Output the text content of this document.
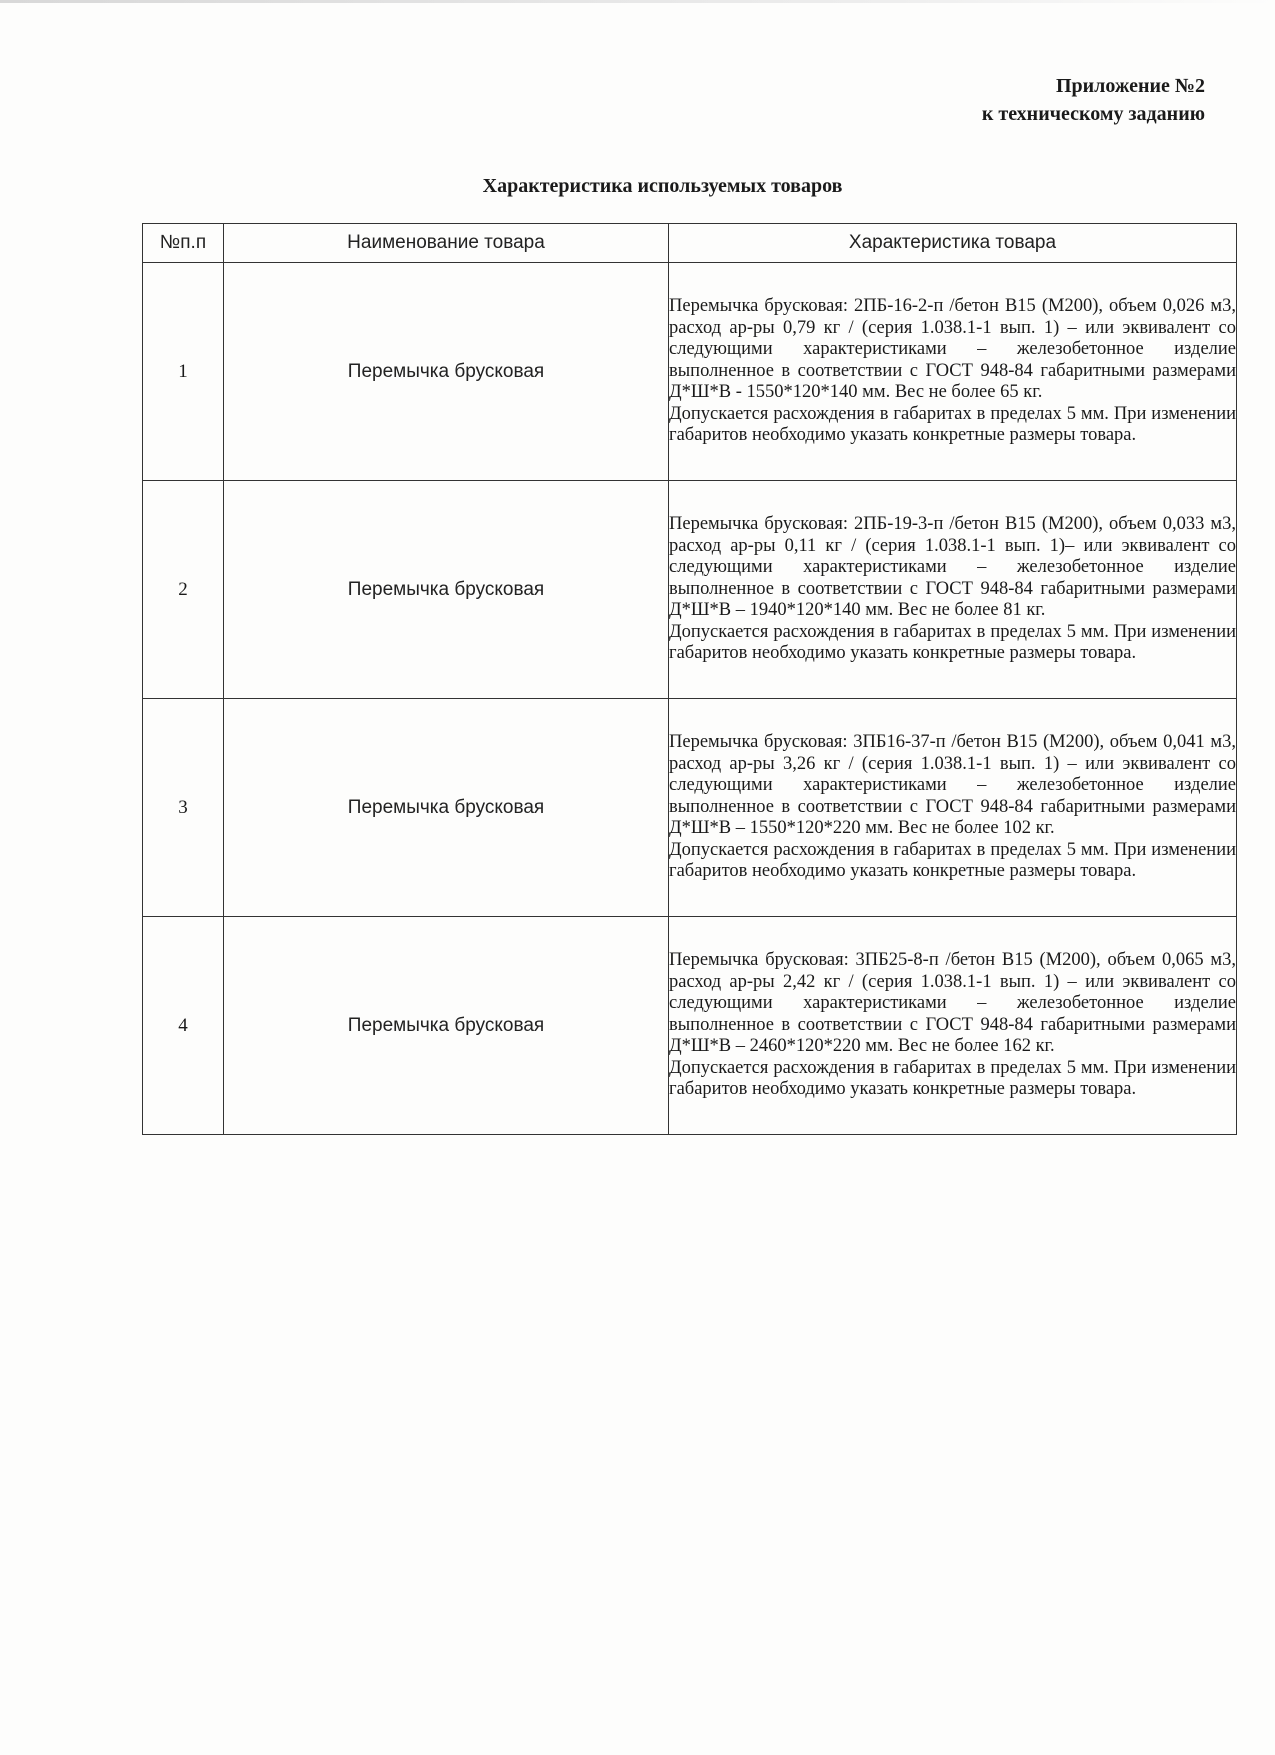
Приложение №2
к техническому заданию
Характеристика используемых товаров
№п.п	Наименование товара	Характеристика товара
1	Перемычка брусковая	Перемычка брусковая: 2ПБ-16-2-п /бетон В15 (М200), объем 0,026 м3, расход ар-ры 0,79 кг / (серия 1.038.1-1 вып. 1) – или эквивалент со следующими характеристиками – железобетонное изделие выполненное в соответствии с ГОСТ 948-84 габаритными размерами Д*Ш*В - 1550*120*140 мм. Вес не более 65 кг.
Допускается расхождения в габаритах в пределах 5 мм. При изменении габаритов необходимо указать конкретные размеры товара.

2	Перемычка брусковая	Перемычка брусковая: 2ПБ-19-3-п /бетон В15 (М200), объем 0,033 м3, расход ар-ры 0,11 кг / (серия 1.038.1-1 вып. 1)– или эквивалент со следующими характеристиками – железобетонное изделие выполненное в соответствии с ГОСТ 948-84 габаритными размерами Д*Ш*В – 1940*120*140 мм. Вес не более 81 кг.
Допускается расхождения в габаритах в пределах 5 мм. При изменении габаритов необходимо указать конкретные размеры товара.

3	Перемычка брусковая	Перемычка брусковая: 3ПБ16-37-п /бетон В15 (М200), объем 0,041 м3, расход ар-ры 3,26 кг / (серия 1.038.1-1 вып. 1) – или эквивалент со следующими характеристиками – железобетонное изделие выполненное в соответствии с ГОСТ 948-84 габаритными размерами Д*Ш*В – 1550*120*220 мм. Вес не более 102 кг.
Допускается расхождения в габаритах в пределах 5 мм. При изменении габаритов необходимо указать конкретные размеры товара.

4	Перемычка брусковая	Перемычка брусковая: 3ПБ25-8-п /бетон В15 (М200), объем 0,065 м3, расход ар-ры 2,42 кг / (серия 1.038.1-1 вып. 1) – или эквивалент со следующими характеристиками – железобетонное изделие выполненное в соответствии с ГОСТ 948-84 габаритными размерами Д*Ш*В – 2460*120*220 мм. Вес не более 162 кг.
Допускается расхождения в габаритах в пределах 5 мм. При изменении габаритов необходимо указать конкретные размеры товара.
